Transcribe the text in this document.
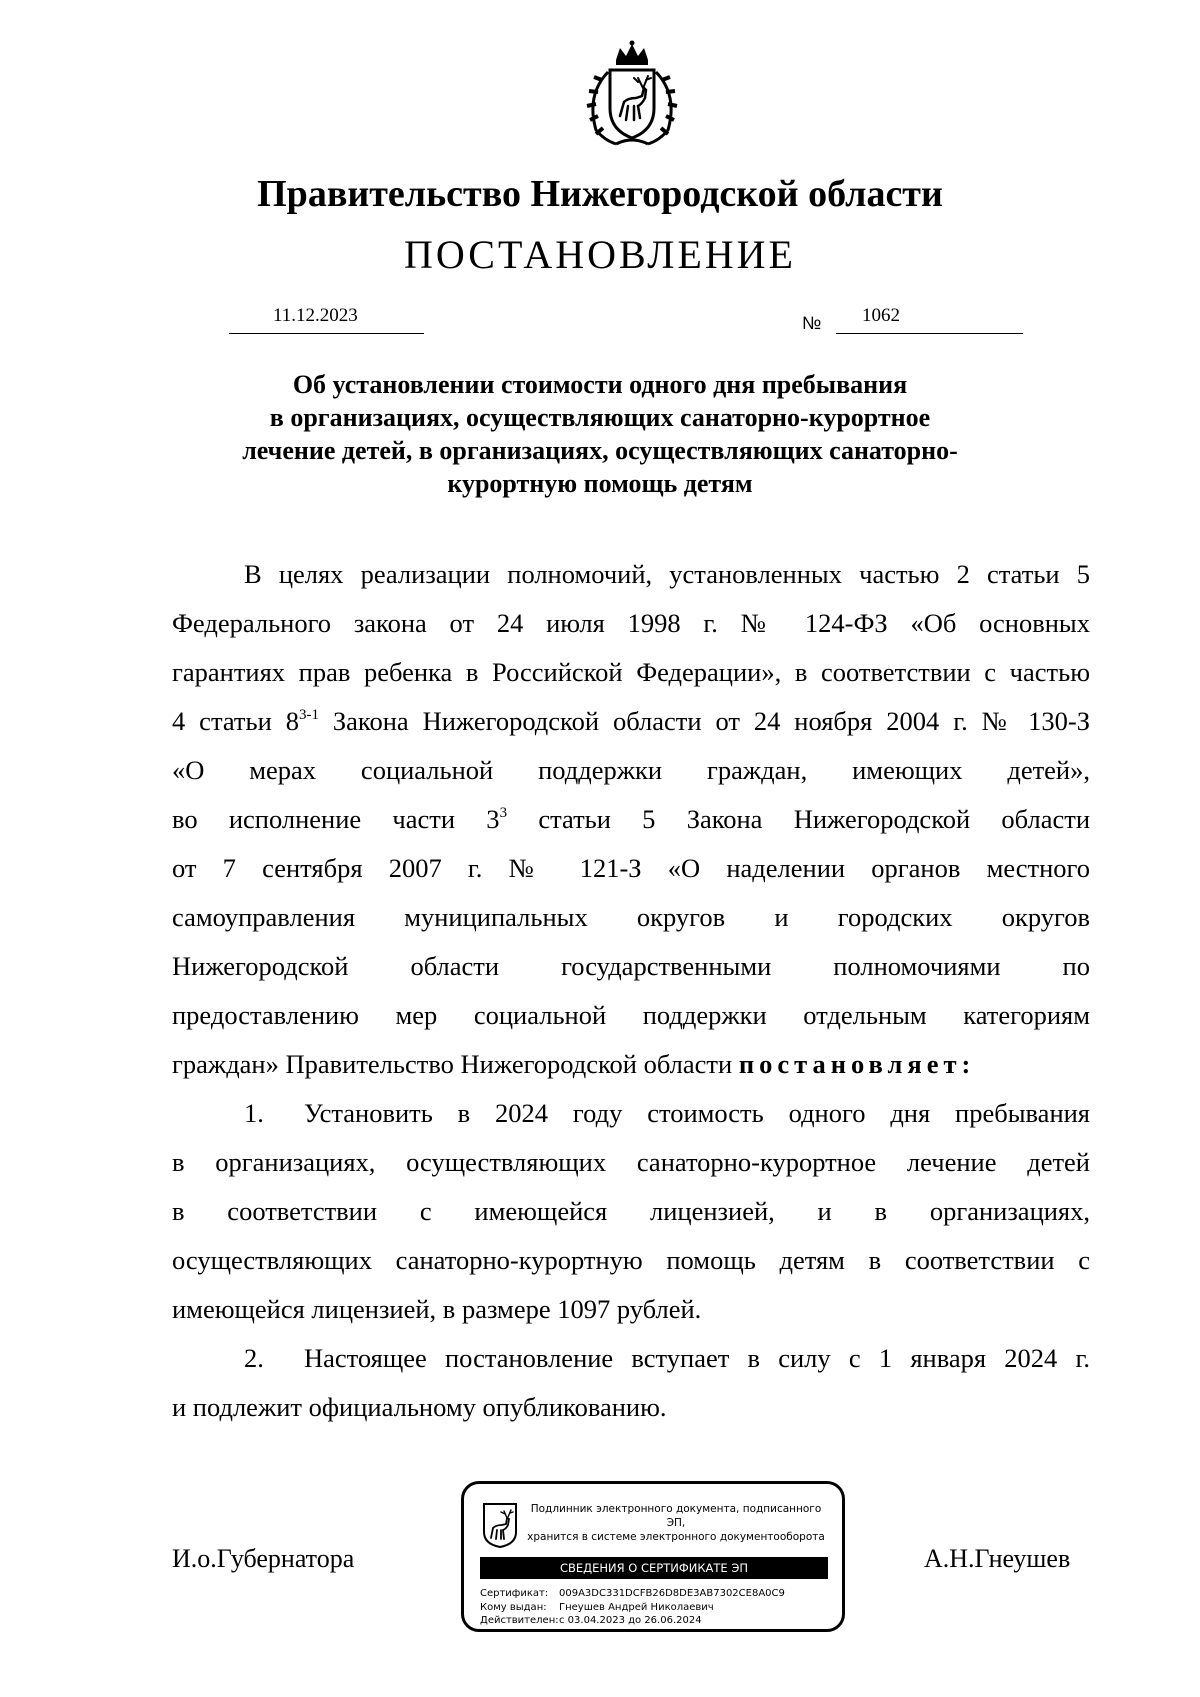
Правительство Нижегородской области
ПОСТАНОВЛЕНИЕ
11.12.2023	№ 1062
Об установлении стоимости одного дня пребывания
в организациях, осуществляющих санаторно-курортное
лечение детей, в организациях, осуществляющих санаторно-
курортную помощь детям
В целях реализации полномочий, установленных частью 2 статьи 5
Федерального закона от 24 июля 1998 г. № 124-ФЗ «Об основных
гарантиях прав ребенка в Российской Федерации», в соответствии с частью
4 статьи 8$^{3-1}$ Закона Нижегородской области от 24 ноября 2004 г. № 130-З
«О мерах социальной поддержки граждан, имеющих детей»,
во исполнение части $3^3$ статьи 5 Закона Нижегородской области
от 7 сентября 2007 г. № 121-З «О наделении органов местного
самоуправления муниципальных округов и городских округов
Нижегородской области государственными полномочиями по
предоставлению мер социальной поддержки отдельным категориям
граждан» Правительство Нижегородской области постановляет:
1. Установить в 2024 году стоимость одного дня пребывания
в организациях, осуществляющих санаторно-курортное лечение детей
в соответствии с имеющейся лицензией, и в организациях,
осуществляющих санаторно-курортную помощь детям в соответствии с
имеющейся лицензией, в размере 1097 рублей.
2. Настоящее постановление вступает в силу с 1 января 2024 г.
и подлежит официальному опубликованию.
И.о.Губернатора	А.Н.Гнеушев
Подлинник электронного документа, подписанного ЭП,
хранится в системе электронного документооборота
СВЕДЕНИЯ О СЕРТИФИКАТЕ ЭП
Сертификат: 009A3DC331DCFB26D8DE3AB7302CE8A0C9
Кому выдан: Гнеушев Андрей Николаевич
Действителен:с 03.04.2023 до 26.06.2024
